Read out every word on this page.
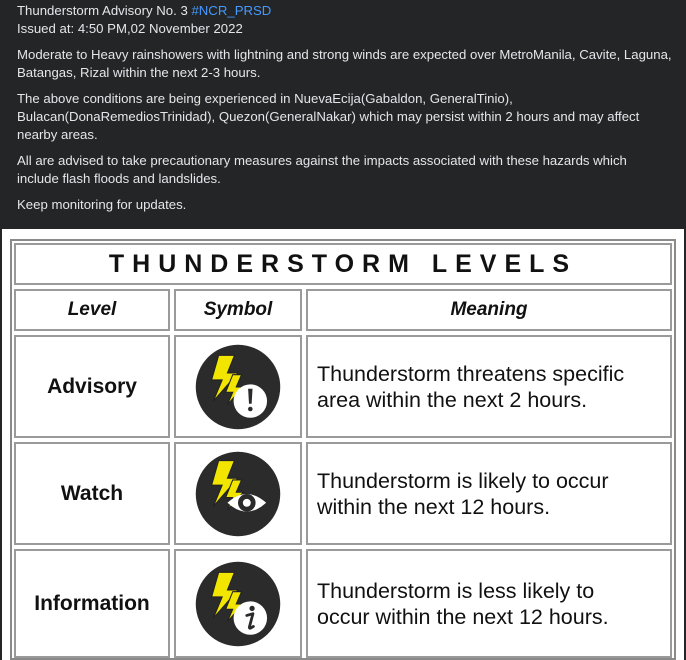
Thunderstorm Advisory No. 3 #NCR_PRSD

Issued at: 4:50 PM,02 November 2022

Moderate to Heavy rainshowers with lightning and strong winds are expected over MetroManila, Cavite, Laguna, Batangas, Rizal within the next 2-3 hours.

The above conditions are being experienced in NuevaEcija(Gabaldon, GeneralTinio), Bulacan(DonaRemediosTrinidad), Quezon(GeneralNakar) which may persist within 2 hours and may affect nearby areas.

All are advised to take precautionary measures against the impacts associated with these hazards which include flash floods and landslides.

Keep monitoring for updates.

THUNDERSTORM LEVELS
Level	Symbol	Meaning
Advisory
Thunderstorm threatens specific
area within the next 2 hours.
Watch
Thunderstorm is likely to occur
within the next 12 hours.
Information
Thunderstorm is less likely to
occur within the next 12 hours.
